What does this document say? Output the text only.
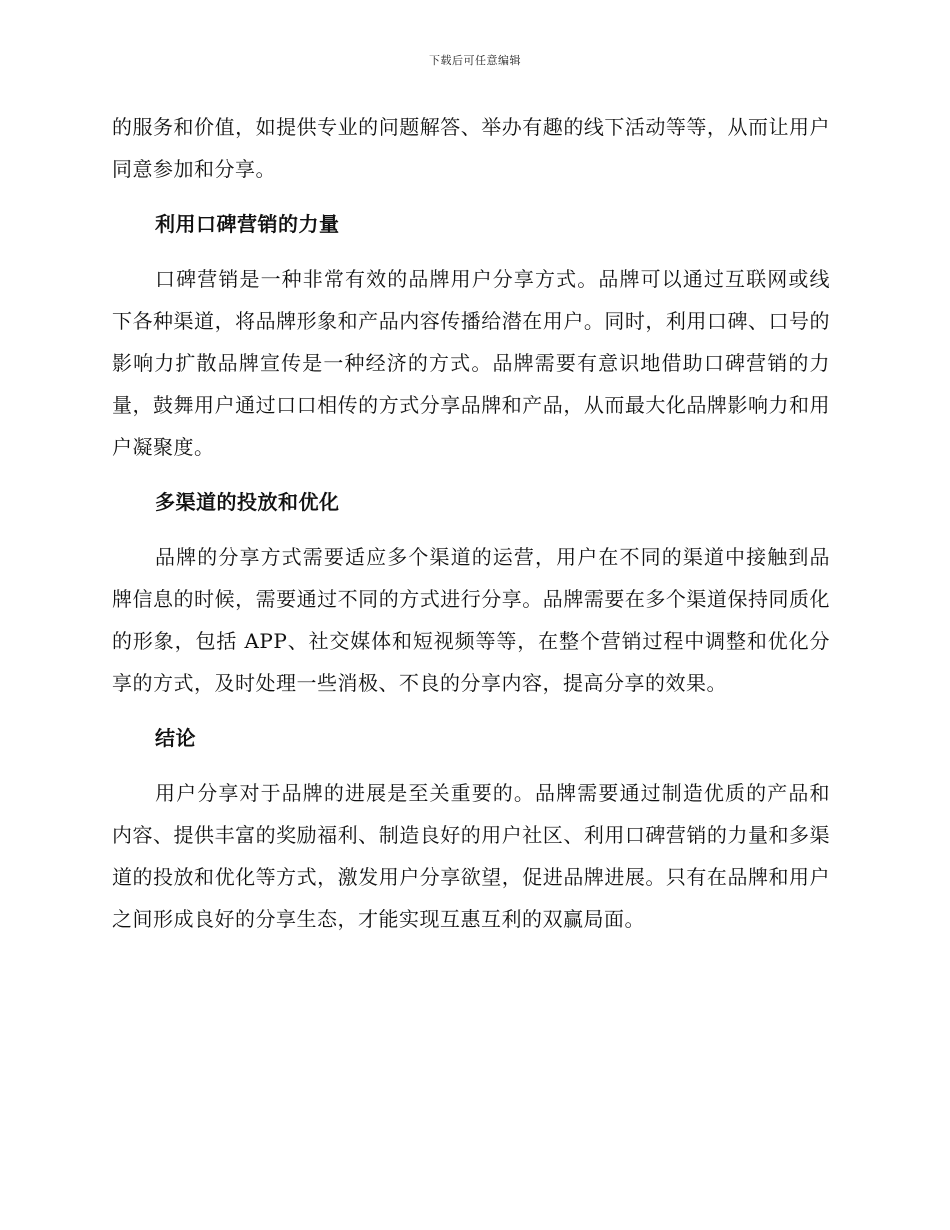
下载后可任意编辑

的服务和价值，如提供专业的问题解答、举办有趣的线下活动等等，从而让用户同意参加和分享。

利用口碑营销的力量

口碑营销是一种非常有效的品牌用户分享方式。品牌可以通过互联网或线下各种渠道，将品牌形象和产品内容传播给潜在用户。同时，利用口碑、口号的影响力扩散品牌宣传是一种经济的方式。品牌需要有意识地借助口碑营销的力量，鼓舞用户通过口口相传的方式分享品牌和产品，从而最大化品牌影响力和用户凝聚度。

多渠道的投放和优化

品牌的分享方式需要适应多个渠道的运营，用户在不同的渠道中接触到品牌信息的时候，需要通过不同的方式进行分享。品牌需要在多个渠道保持同质化的形象，包括 APP、社交媒体和短视频等等，在整个营销过程中调整和优化分享的方式，及时处理一些消极、不良的分享内容，提高分享的效果。

结论

用户分享对于品牌的进展是至关重要的。品牌需要通过制造优质的产品和内容、提供丰富的奖励福利、制造良好的用户社区、利用口碑营销的力量和多渠道的投放和优化等方式，激发用户分享欲望，促进品牌进展。只有在品牌和用户之间形成良好的分享生态，才能实现互惠互利的双赢局面。
